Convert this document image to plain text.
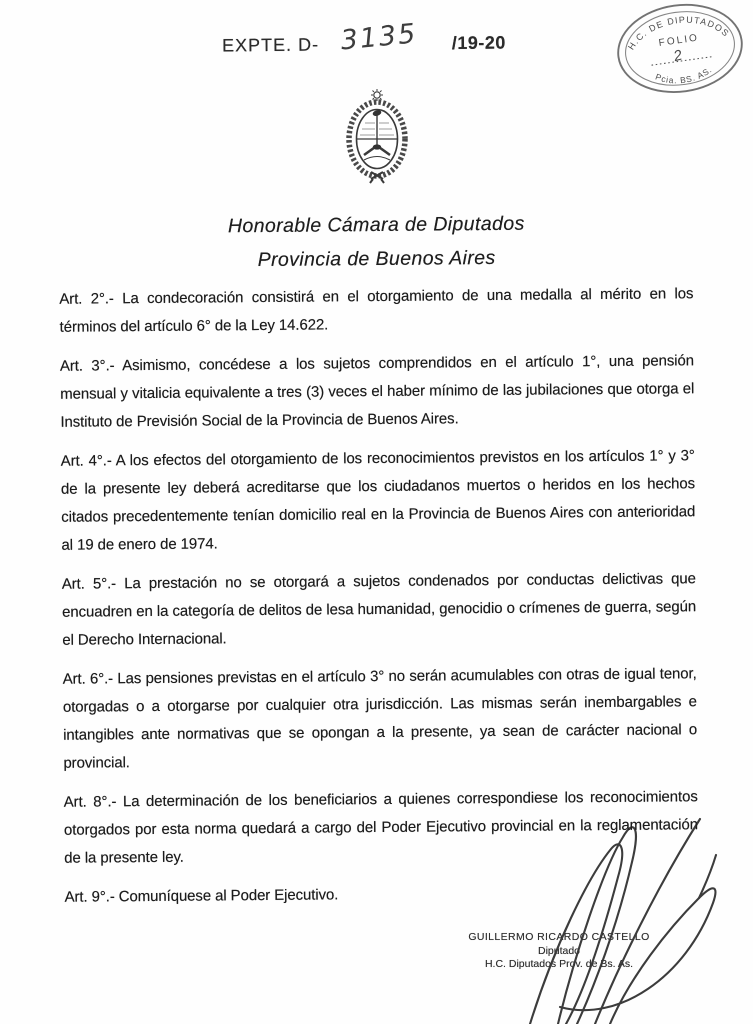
EXPTE. D- 3135 /19-20	H.C. DE DIPUTADOS
FOLIO
2
Pcia. BS. AS.
Honorable Cámara de Diputados
Provincia de Buenos Aires

Art. 2°.- La condecoración consistirá en el otorgamiento de una medalla al mérito en los términos del artículo 6° de la Ley 14.622.

Art. 3°.- Asimismo, concédese a los sujetos comprendidos en el artículo 1°, una pensión mensual y vitalicia equivalente a tres (3) veces el haber mínimo de las jubilaciones que otorga el Instituto de Previsión Social de la Provincia de Buenos Aires.

Art. 4°.- A los efectos del otorgamiento de los reconocimientos previstos en los artículos 1° y 3° de la presente ley deberá acreditarse que los ciudadanos muertos o heridos en los hechos citados precedentemente tenían domicilio real en la Provincia de Buenos Aires con anterioridad al 19 de enero de 1974.

Art. 5°.- La prestación no se otorgará a sujetos condenados por conductas delictivas que encuadren en la categoría de delitos de lesa humanidad, genocidio o crímenes de guerra, según el Derecho Internacional.

Art. 6°.- Las pensiones previstas en el artículo 3° no serán acumulables con otras de igual tenor, otorgadas o a otorgarse por cualquier otra jurisdicción. Las mismas serán inembargables e intangibles ante normativas que se opongan a la presente, ya sean de carácter nacional o provincial.

Art. 8°.- La determinación de los beneficiarios a quienes correspondiese los reconocimientos otorgados por esta norma quedará a cargo del Poder Ejecutivo provincial en la reglamentación de la presente ley.

Art. 9°.- Comuníquese al Poder Ejecutivo.

GUILLERMO RICARDO CASTELLO
Diputado
H.C. Diputados Prov. de Bs. As.
